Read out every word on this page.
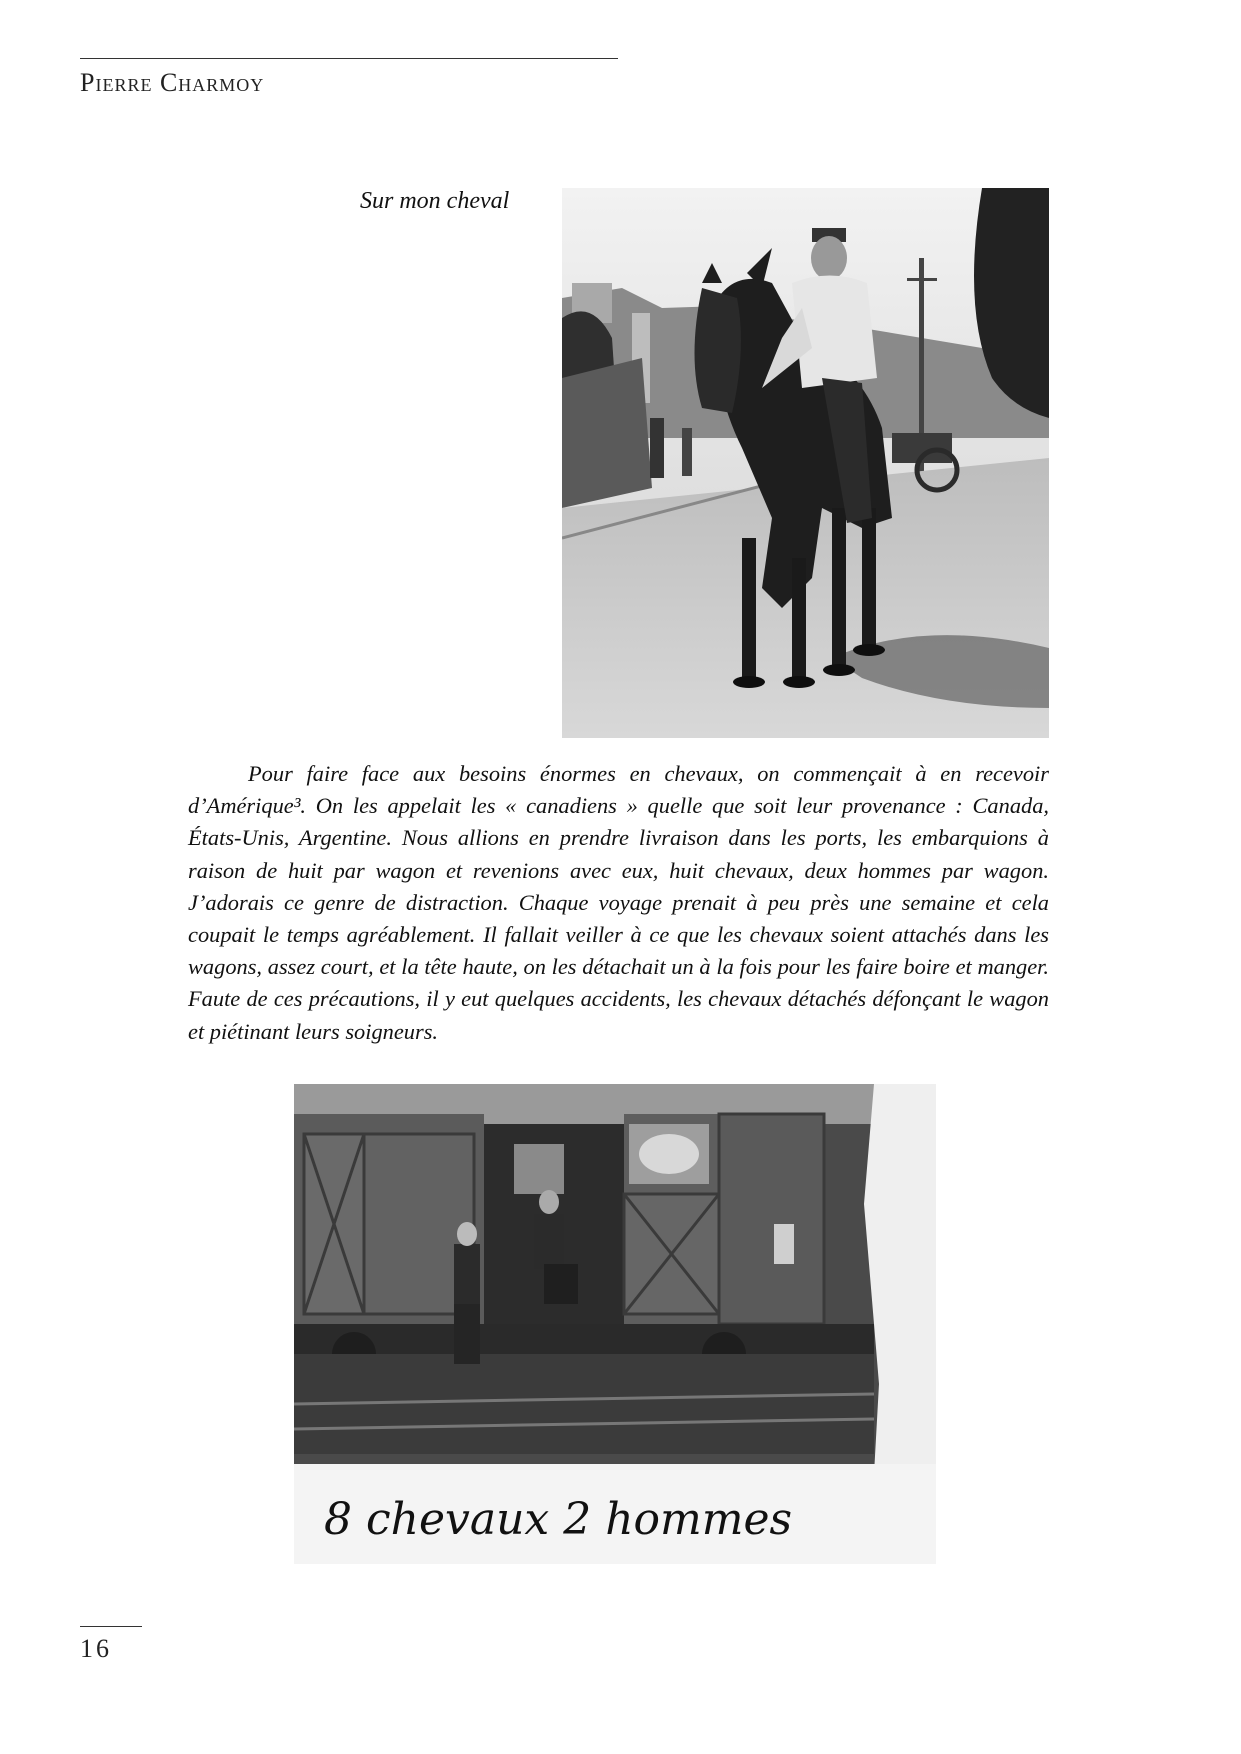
Pierre Charmoy
Sur mon cheval

Pour faire face aux besoins énormes en chevaux, on commençait à en recevoir d’Amérique³. On les appelait les « canadiens » quelle que soit leur provenance : Canada, États-Unis, Argentine. Nous allions en prendre livraison dans les ports, les embarquions à raison de huit par wagon et revenions avec eux, huit chevaux, deux hommes par wagon. J’adorais ce genre de distraction. Chaque voyage prenait à peu près une semaine et cela coupait le temps agréablement. Il fallait veiller à ce que les chevaux soient attachés dans les wagons, assez court, et la tête haute, on les détachait un à la fois pour les faire boire et manger. Faute de ces précautions, il y eut quelques accidents, les chevaux détachés défonçant le wagon et piétinant leurs soigneurs.

8 chevaux 2 hommes
16
